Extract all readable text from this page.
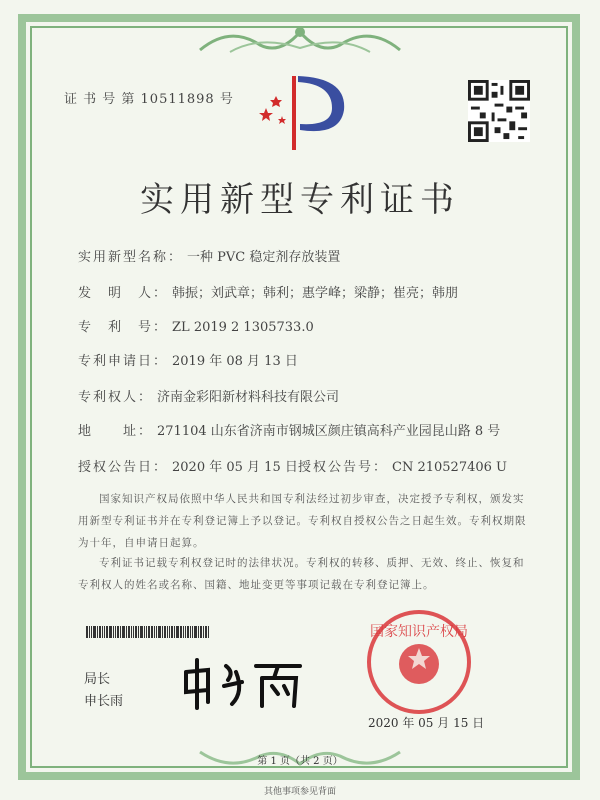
证 书 号 第 10511898 号
实用新型专利证书
实用新型名称： 一种 PVC 稳定剂存放装置
发　明　人： 韩振；刘武章；韩利；惠学峰；梁静；崔亮；韩朋
专　利　号： ZL 2019 2 1305733.0
专利申请日： 2019 年 08 月 13 日
专利权人： 济南金彩阳新材料科技有限公司
地　　址： 271104 山东省济南市钢城区颜庄镇高科产业园昆山路 8 号
授权公告日： 2020 年 05 月 15 日 授权公告号： CN 210527406 U
国家知识产权局依照中华人民共和国专利法经过初步审查，决定授予专利权，颁发实用新型专利证书并在专利登记簿上予以登记。专利权自授权公告之日起生效。专利权期限为十年，自申请日起算。
专利证书记载专利权登记时的法律状况。专利权的转移、质押、无效、终止、恢复和专利权人的姓名或名称、国籍、地址变更等事项记载在专利登记簿上。
局长
申长雨
国家知识产权局
2020 年 05 月 15 日
第 1 页（共 2 页）
其他事项参见背面
